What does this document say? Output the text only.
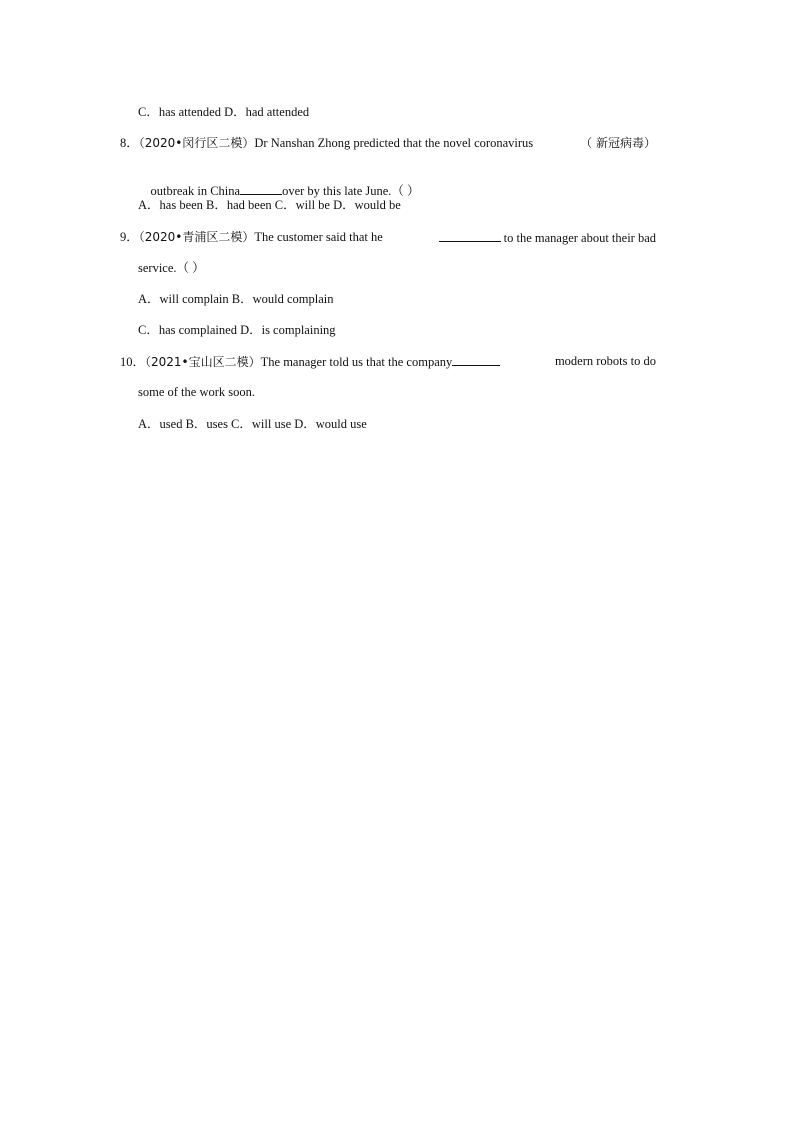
C．has attended D．had attended
8．（2020•闵行区二模）Dr Nanshan Zhong predicted that the novel coronavirus	（ 新冠病毒）

outbreak in China	over by this late June.（ ）

A．has been B．had been C．will be D．would be
9．（2020•青浦区二模）The customer said that he	to the manager about their bad
service.（ ）
A．will complain B．would complain
C．has complained D．is complaining
10．（2021•宝山区二模）The manager told us that the company	modern robots to do
some of the work soon.
A．used B．uses C．will use D．would use
